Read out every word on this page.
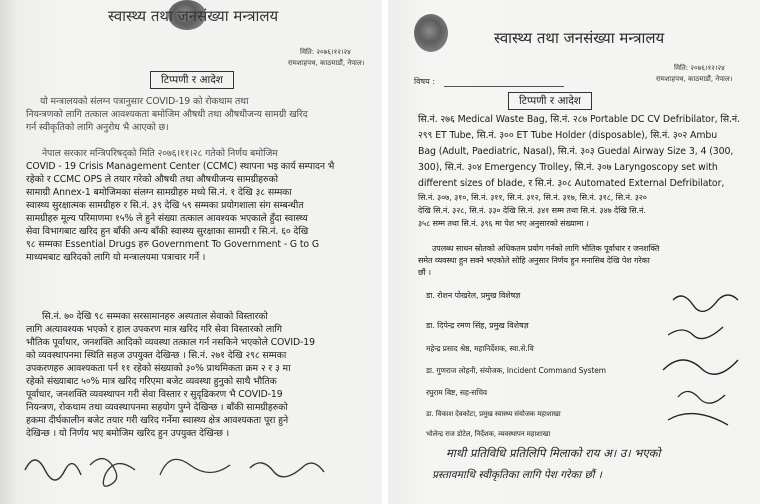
स्वास्थ्य तथा जनसंख्या मन्त्रालय
मिति: २०७६।१२।२४
रामशाहपथ, काठमाडौं, नेपाल।
टिप्पणी र आदेश
यो मन्त्रालयको संलग्न पत्रानुसार COVID-19 को रोकथाम तथा
नियन्त्रणको लागि तत्काल आवश्यकता बमोजिम औषधी तथा औषधीजन्य सामग्री खरिद
गर्न स्वीकृतिको लागि अनुरोध भै आएको छ।
नेपाल सरकार मन्त्रिपरिषद्को मिति २०७६।११।२८ गतेको निर्णय बमोजिम
COVID - 19 Crisis Management Center (CCMC) स्थापना भइ कार्य सम्पादन भै
रहेको र CCMC OPS ले तयार गरेको औषधी तथा औषधीजन्य सामग्रीहरुको
सामाग्री Annex-1 बमोजिमका संलग्न सामग्रीहरु मध्ये सि.नं. १ देखि ३८ सम्मका
स्वास्थ्य सुरक्षात्मक सामग्रीहरु र सि.नं. ३९ देखि ५९ सम्मका प्रयोगशाला संग सम्बन्धीत
सामग्रीहरु मूल्य परिमाणमा १५% ले हुने संख्या तत्काल आवश्यक भएकाले हुँदा स्वास्थ्य
सेवा विभागबाट खरिद हुन बाँकी अन्य बाँकी स्वास्थ्य सुरक्षाका सामग्री र सि.नं. ६० देखि
९८ सम्मका Essential Drugs हरु Government To Government - G to G
माध्यमबाट खरिदको लागि यो मन्त्रालयमा पत्राचार गर्ने ।
सि.नं. ७० देखि ९८ सम्मका सरसामानहरु अस्पताल सेवाको विस्तारको
लागि अत्यावश्यक भएको र हाल उपकरण मात्र खरिद गरि सेवा विस्तारको लागि
भौतिक पूर्वाधार, जनशक्ति आदिको व्यवस्था तत्काल गर्न नसकिने भएकोले COVID-19
को व्यवस्थापनमा स्थिति सहज उपयुक्त देखिन्छ । सि.नं. २७१ देखि २९८ सम्मका
उपकरणहरु आवश्यकता पर्न ११ रहेको संख्याको ३०% प्राथमिकता क्रम २ र ३ मा
रहेको संख्याबाट ५०% मात्र खरिद गरिएमा बजेट व्यवस्था हुनुको साथै भौतिक
पूर्वाधार, जनशक्ति व्यवस्थापन गरी सेवा विस्तार र सुदृढिकरण भै COVID-19
नियन्त्रण, रोकथाम तथा व्यवस्थापनमा सहयोग पुग्ने देखिन्छ । बाँकी सामग्रीहरुको
हकमा दीर्घकालीन बजेट तयार गरी खरिद गर्नेमा स्वास्थ्य क्षेत्र आवश्यकता पूरा हुने
देखिन्छ । यो निर्णय भए बमोजिम खरिद हुन उपयुक्त देखिन्छ ।
स्वास्थ्य तथा जनसंख्या मन्त्रालय
मिति: २०७६।१२।२४
रामशाहपथ, काठमाडौं, नेपाल।
विषय :
टिप्पणी र आदेश
सि.नं. २७६ Medical Waste Bag, सि.नं. २८७ Portable DC CV Defribilator, सि.नं.
२९९ ET Tube, सि.नं. ३०० ET Tube Holder (disposable), सि.नं. ३०२ Ambu
Bag (Adult, Paediatric, Nasal), सि.नं. ३०३ Guedal Airway Size 3, 4 (300,
300), सि.नं. ३०४ Emergency Trolley, सि.नं. ३०७ Laryngoscopy set with
different sizes of blade, र सि.नं. ३०८ Automated External Defribilator,
सि.नं. ३०७, ३१०, सि.नं. ३११, सि.नं. ३१२, सि.नं. ३१७, सि.नं. ३१८, सि.नं. ३२०
देखि सि.नं. ३२८, सि.नं. ३३० देखि सि.नं. ३४१ सम्म तथा सि.नं. ३४७ देखि सि.नं.
३५८ सम्म तथा सि.नं. ३९६ मा पेश भए अनुसारको संख्यामा ।
उपलब्ध साधन स्रोतको अधिकतम प्रयोग गर्नको लागि भौतिक पूर्वाधार र जनशक्ति
समेत व्यवस्था हुन सक्ने भएकोले सोहि अनुसार निर्णय हुन मनासिब देखि पेश गरेका
छौं ।
डा. रोशन पोखरेल, प्रमुख विशेषज्ञ
डा. दिपेन्द्र रमण सिंह, प्रमुख विशेषज्ञ
महेन्द्र प्रसाद श्रेष्ठ, महानिर्देशक, स्वा.से.वि
डा. गुणराज लोहनी, संयोजक, Incident Command System
रघुराम बिष्ट, सह-सचिव
डा. विकाश देवकोटा, प्रमुख स्वास्थ्य संयोजक महाशाखा
भोलेन्द्र राज डोटेल, निर्देशक, व्यवस्थापन महाशाखा
माथी प्रतिविधि प्रतिलिपि मिलाको राय अ। उ। भएको
प्रस्तावमाथि स्वीकृतिका लागि पेश गरेका छौं ।
